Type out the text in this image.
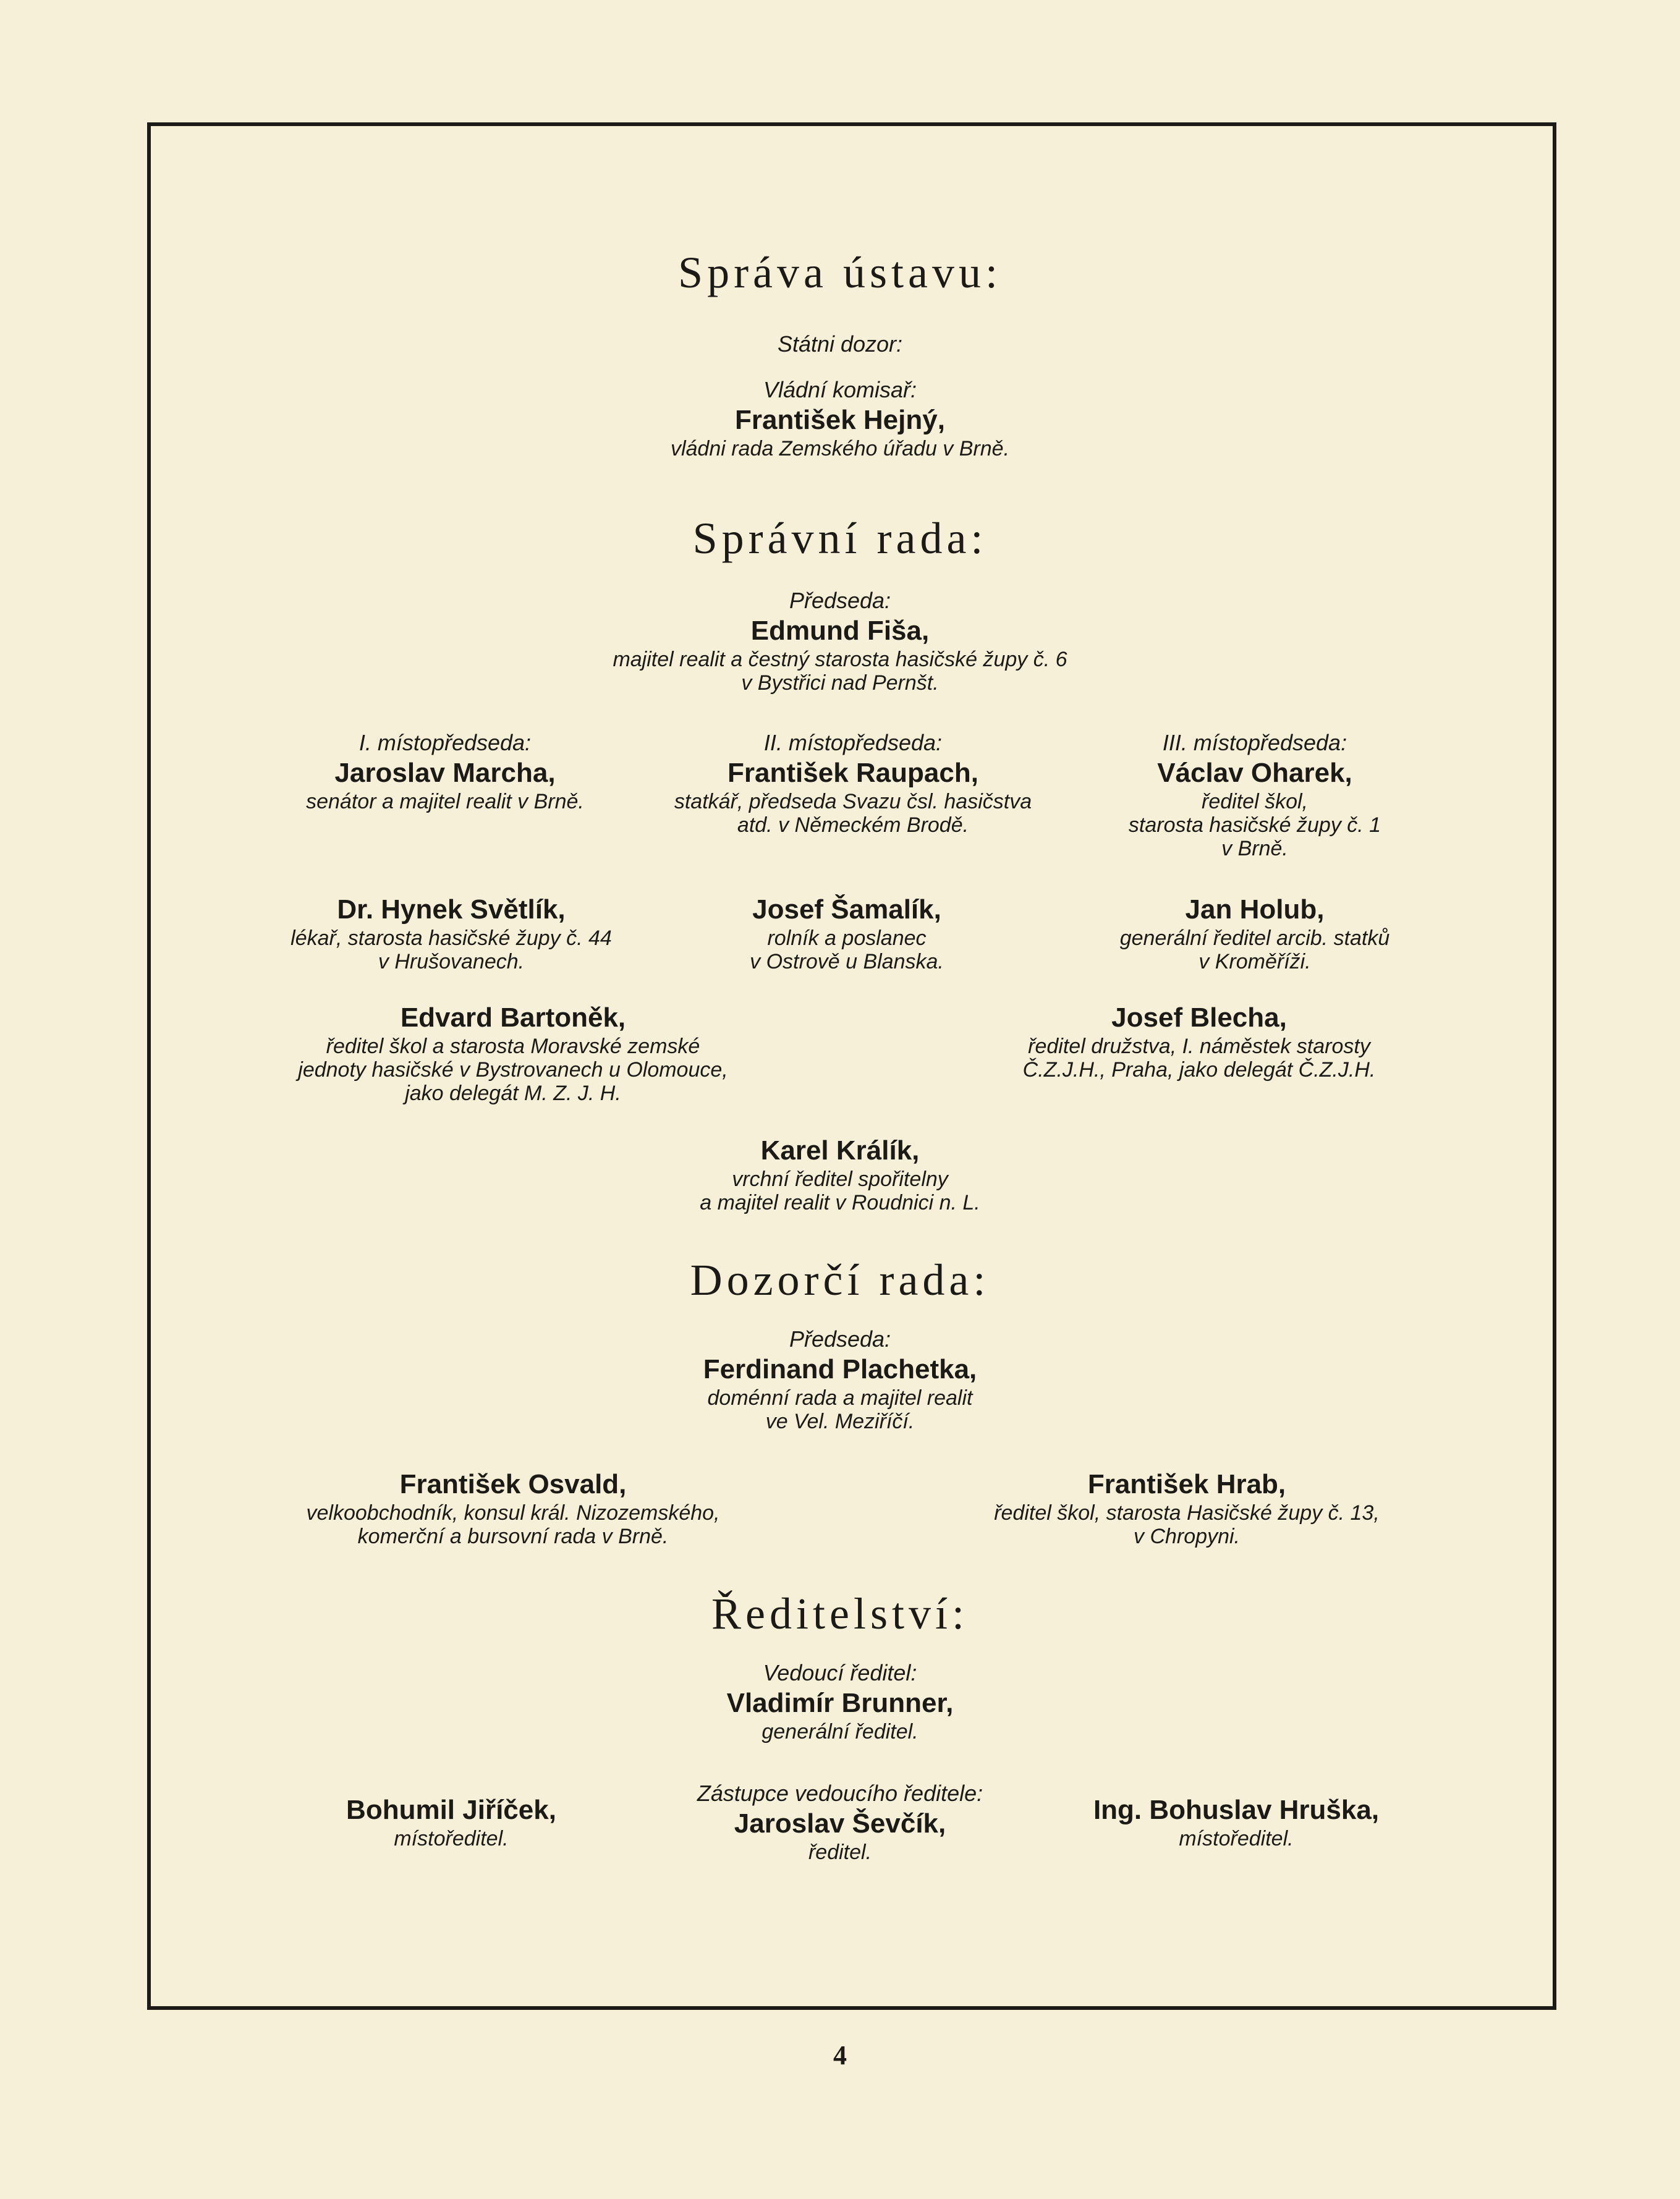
Správa ústavu:
Státni dozor:
Vládní komisař:
František Hejný,
vládni rada Zemského úřadu v Brně.
Správní rada:
Předseda:
Edmund Fiša,
majitel realit a čestný starosta hasičské župy č. 6
v Bystřici nad Pernšt.
I. místopředseda:
Jaroslav Marcha,
senátor a majitel realit v Brně.
II. místopředseda:
František Raupach,
statkář, předseda Svazu čsl. hasičstva
atd. v Německém Brodě.
III. místopředseda:
Václav Oharek,
ředitel škol,
starosta hasičské župy č. 1
v Brně.
Dr. Hynek Světlík,
lékař, starosta hasičské župy č. 44
v Hrušovanech.
Josef Šamalík,
rolník a poslanec
v Ostrově u Blanska.
Jan Holub,
generální ředitel arcib. statků
v Kroměříži.
Edvard Bartoněk,
ředitel škol a starosta Moravské zemské
jednoty hasičské v Bystrovanech u Olomouce,
jako delegát M. Z. J. H.
Josef Blecha,
ředitel družstva, I. náměstek starosty
Č.Z.J.H., Praha, jako delegát Č.Z.J.H.
Karel Králík,
vrchní ředitel spořitelny
a majitel realit v Roudnici n. L.
Dozorčí rada:
Předseda:
Ferdinand Plachetka,
doménní rada a majitel realit
ve Vel. Meziříčí.
František Osvald,
velkoobchodník, konsul král. Nizozemského,
komerční a bursovní rada v Brně.
František Hrab,
ředitel škol, starosta Hasičské župy č. 13,
v Chropyni.
Ředitelství:
Vedoucí ředitel:
Vladimír Brunner,
generální ředitel.
Zástupce vedoucího ředitele:
Jaroslav Ševčík,
ředitel.
Bohumil Jiříček,
místoředitel.
Ing. Bohuslav Hruška,
místoředitel.
4
